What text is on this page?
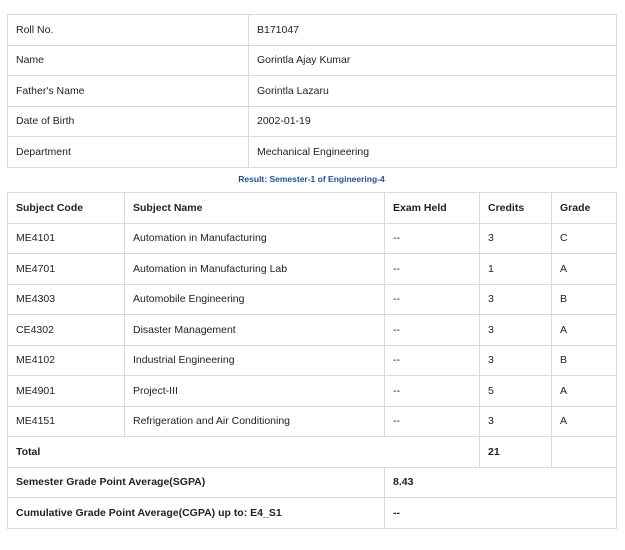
Roll No.	B171047
Name	Gorintla Ajay Kumar
Father's Name	Gorintla Lazaru
Date of Birth	2002-01-19
Department	Mechanical Engineering
Result: Semester-1 of Engineering-4
Subject Code	Subject Name	Exam Held	Credits	Grade
ME4101	Automation in Manufacturing	--	3	C
ME4701	Automation in Manufacturing Lab	--	1	A
ME4303	Automobile Engineering	--	3	B
CE4302	Disaster Management	--	3	A
ME4102	Industrial Engineering	--	3	B
ME4901	Project-III	--	5	A
ME4151	Refrigeration and Air Conditioning	--	3	A
Total			21	
Semester Grade Point Average(SGPA)		8.43		
Cumulative Grade Point Average(CGPA) up to: E4_S1		--		
